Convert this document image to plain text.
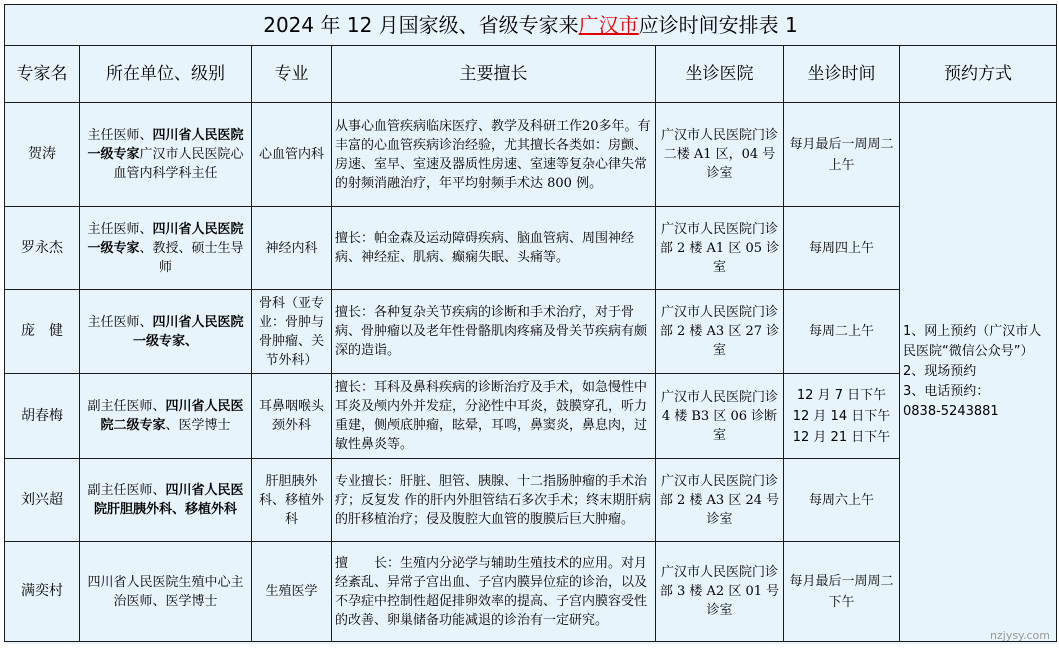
2024 年 12 月国家级、省级专家来广汉市应诊时间安排表 1						
专家名	所在单位、级别	专业	主要擅长	坐诊医院	坐诊时间	预约方式
贺涛	主任医师、四川省人民医院一级专家广汉市人民医院心血管内科学科主任	心血管内科	从事心血管疾病临床医疗、教学及科研工作20多年。有丰富的心血管疾病诊治经验，尤其擅长各类如：房颤、房速、室早、室速及器质性房速、室速等复杂心律失常的射频消融治疗，年平均射频手术达 800 例。	广汉市人民医院门诊二楼 A1 区，04 号诊室	每月最后一周周二上午	1、网上预约（广汉市人民医院“微信公众号”）
2、现场预约
3、电话预约：
0838-5243881

罗永杰	主任医师、四川省人民医院一级专家、教授、硕士生导师	神经内科	擅长：帕金森及运动障碍疾病、脑血管病、周围神经病、神经症、肌病、癫痫失眠、头痛等。	广汉市人民医院门诊部 2 楼 A1 区 05 诊室	每周四上午	

庞　健	主任医师、四川省人民医院一级专家、	骨科（亚专业：骨肿与骨肿瘤、关节外科）	擅长：各种复杂关节疾病的诊断和手术治疗，对于骨病、骨肿瘤以及老年性骨骼肌肉疼痛及骨关节疾病有颇深的造诣。	广汉市人民医院门诊部 2 楼 A3 区 27 诊室	每周二上午	

胡春梅	副主任医师、四川省人民医院二级专家、医学博士	耳鼻咽喉头颈外科	擅长：耳科及鼻科疾病的诊断治疗及手术，如急慢性中耳炎及颅内外并发症，分泌性中耳炎，鼓膜穿孔，听力重建，侧颅底肿瘤，眩晕，耳鸣，鼻窦炎，鼻息肉，过敏性鼻炎等。	广汉市人民医院门诊 4 楼 B3 区 06 诊断室	12 月 7 日下午
12 月 14 日下午
12 月 21 日下午	

刘兴超	副主任医师、四川省人民医院肝胆胰外科、移植外科	肝胆胰外科、移植外科	专业擅长：肝脏、胆管、胰腺、十二指肠肿瘤的手术治疗；反复发 作的肝内外胆管结石多次手术；终末期肝病的肝移植治疗；侵及腹腔大血管的腹膜后巨大肿瘤。	广汉市人民医院门诊部 2 楼 A3 区 24 号诊室	每周六上午	

满奕村	四川省人民医院生殖中心主治医师、医学博士	生殖医学	擅　　长：生殖内分泌学与辅助生殖技术的应用。对月经紊乱、异常子宫出血、子宫内膜异位症的诊治，以及不孕症中控制性超促排卵效率的提高、子宫内膜容受性的改善、卵巢储备功能减退的诊治有一定研究。	广汉市人民医院门诊部 3 楼 A2 区 01 号诊室	每月最后一周周二下午	
nzjysy.com
